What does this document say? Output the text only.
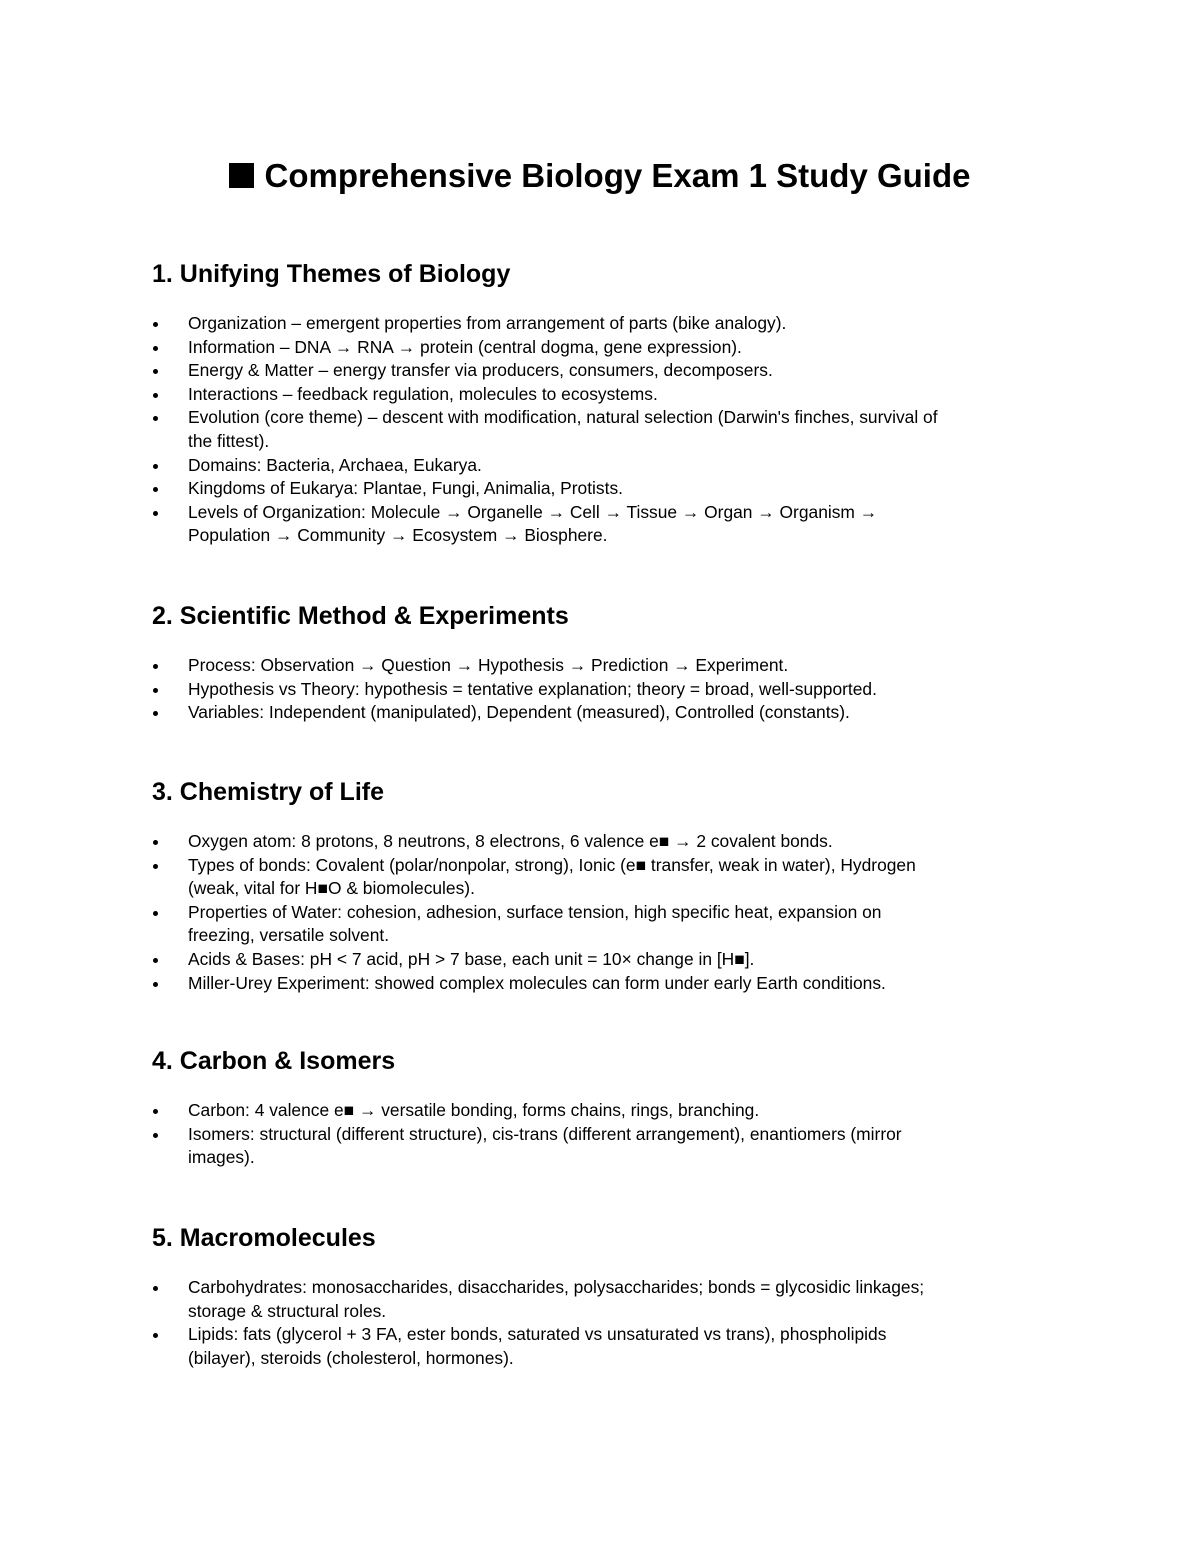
Comprehensive Biology Exam 1 Study Guide
1. Unifying Themes of Biology
Organization – emergent properties from arrangement of parts (bike analogy).
Information – DNA → RNA → protein (central dogma, gene expression).
Energy & Matter – energy transfer via producers, consumers, decomposers.
Interactions – feedback regulation, molecules to ecosystems.
Evolution (core theme) – descent with modification, natural selection (Darwin's finches, survival of
the fittest).
Domains: Bacteria, Archaea, Eukarya.
Kingdoms of Eukarya: Plantae, Fungi, Animalia, Protists.
Levels of Organization: Molecule → Organelle → Cell → Tissue → Organ → Organism →
Population → Community → Ecosystem → Biosphere.
2. Scientific Method & Experiments
Process: Observation → Question → Hypothesis → Prediction → Experiment.
Hypothesis vs Theory: hypothesis = tentative explanation; theory = broad, well-supported.
Variables: Independent (manipulated), Dependent (measured), Controlled (constants).
3. Chemistry of Life
Oxygen atom: 8 protons, 8 neutrons, 8 electrons, 6 valence e■ → 2 covalent bonds.
Types of bonds: Covalent (polar/nonpolar, strong), Ionic (e■ transfer, weak in water), Hydrogen
(weak, vital for H■O & biomolecules).
Properties of Water: cohesion, adhesion, surface tension, high specific heat, expansion on
freezing, versatile solvent.
Acids & Bases: pH < 7 acid, pH > 7 base, each unit = 10× change in [H■].
Miller-Urey Experiment: showed complex molecules can form under early Earth conditions.
4. Carbon & Isomers
Carbon: 4 valence e■ → versatile bonding, forms chains, rings, branching.
Isomers: structural (different structure), cis-trans (different arrangement), enantiomers (mirror
images).
5. Macromolecules
Carbohydrates: monosaccharides, disaccharides, polysaccharides; bonds = glycosidic linkages;
storage & structural roles.
Lipids: fats (glycerol + 3 FA, ester bonds, saturated vs unsaturated vs trans), phospholipids
(bilayer), steroids (cholesterol, hormones).
